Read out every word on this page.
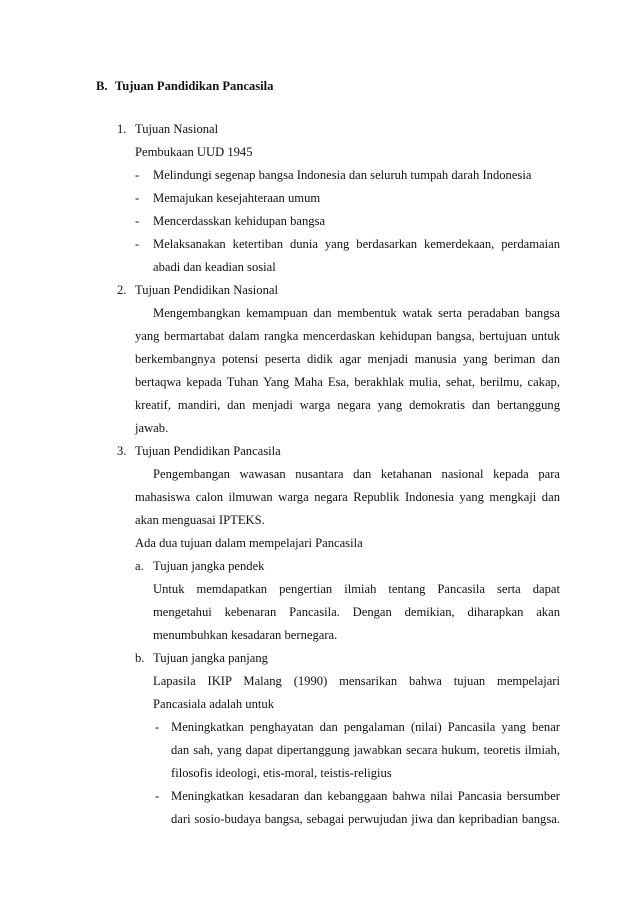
B. Tujuan Pandidikan Pancasila
1. Tujuan Nasional
Pembukaan UUD 1945
- Melindungi segenap bangsa Indonesia dan seluruh tumpah darah Indonesia
- Memajukan kesejahteraan umum
- Mencerdasskan kehidupan bangsa
- Melaksanakan ketertiban dunia yang berdasarkan kemerdekaan, perdamaian
abadi dan keadian sosial
2. Tujuan Pendidikan Nasional
Mengembangkan kemampuan dan membentuk watak serta peradaban bangsa
yang bermartabat dalam rangka mencerdaskan kehidupan bangsa, bertujuan untuk
berkembangnya potensi peserta didik agar menjadi manusia yang beriman dan
bertaqwa kepada Tuhan Yang Maha Esa, berakhlak mulia, sehat, berilmu, cakap,
kreatif, mandiri, dan menjadi warga negara yang demokratis dan bertanggung
jawab.
3. Tujuan Pendidikan Pancasila
Pengembangan wawasan nusantara dan ketahanan nasional kepada para
mahasiswa calon ilmuwan warga negara Republik Indonesia yang mengkaji dan
akan menguasai IPTEKS.
Ada dua tujuan dalam mempelajari Pancasila
a. Tujuan jangka pendek
Untuk memdapatkan pengertian ilmiah tentang Pancasila serta dapat
mengetahui kebenaran Pancasila. Dengan demikian, diharapkan akan
menumbuhkan kesadaran bernegara.
b. Tujuan jangka panjang
Lapasila IKIP Malang (1990) mensarikan bahwa tujuan mempelajari
Pancasiala adalah untuk
- Meningkatkan penghayatan dan pengalaman (nilai) Pancasila yang benar
dan sah, yang dapat dipertanggung jawabkan secara hukum, teoretis ilmiah,
filosofis ideologi, etis-moral, teistis-religius
- Meningkatkan kesadaran dan kebanggaan bahwa nilai Pancasia bersumber
dari sosio-budaya bangsa, sebagai perwujudan jiwa dan kepribadian bangsa.
